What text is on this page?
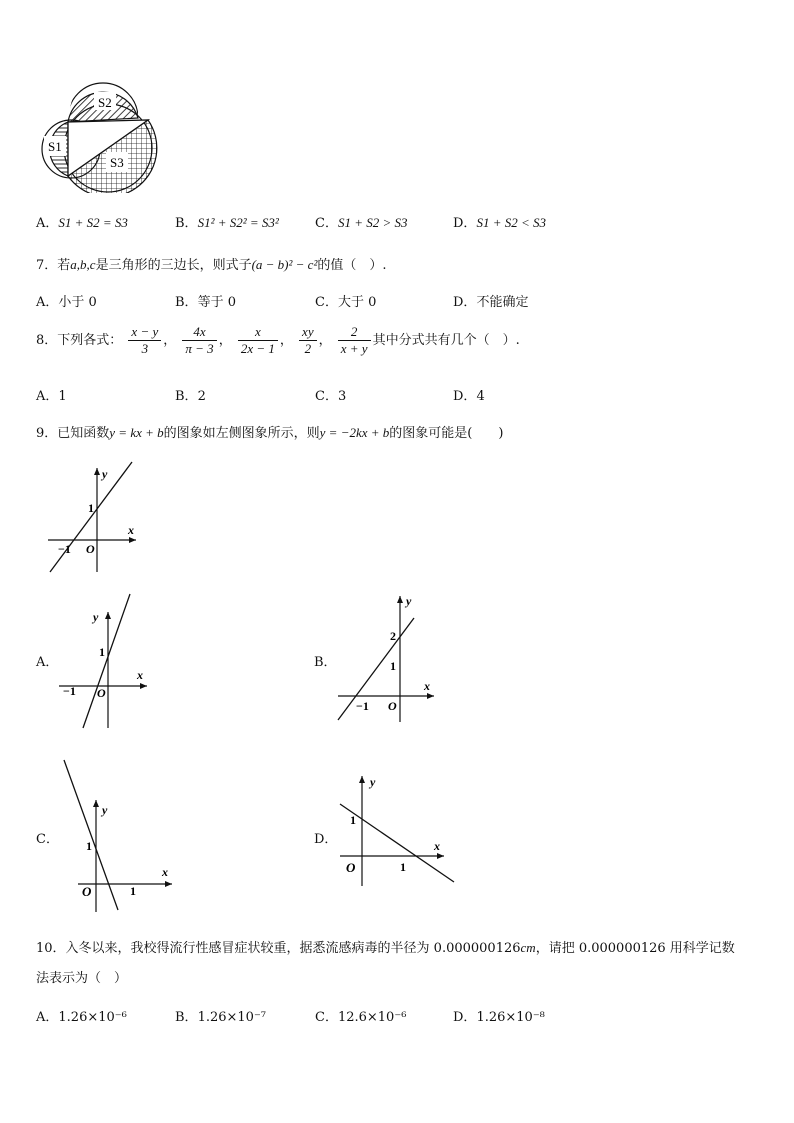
S2
S1
S3
A．S1 + S2 = S3	B．S1² + S2² = S3²	C．S1 + S2 > S3	D．S1 + S2 < S3
7．若a,b,c是三角形的三边长，则式子(a − b)² − c²的值（　）.
A．小于 0	B．等于 0	C．大于 0	D．不能确定
8．下列各式： $\frac{x - y}{3}$ ， $\frac{4x}{\pi - 3}$ ， $\frac{x}{2x - 1}$ ， $\frac{xy}{2}$ ， $\frac{2}{x + y}$ 其中分式共有几个（　）.
A．1	B．2	C．3	D．4
9．已知函数y = kx + b的图象如左侧图象所示，则y = −2kx + b的图象可能是(　　)
y
x
1
−1 O
A．
y
x
1
−1 O
B．
y
x
2
1
−1 O
C．
y
x
1
1
O
D．
y
x
1
1
O
10．入冬以来，我校得流行性感冒症状较重，据悉流感病毒的半径为 0.000000126cm，请把 0.000000126 用科学记数
法表示为（　）
A．1.26×10⁻⁶	B．1.26×10⁻⁷	C．12.6×10⁻⁶	D．1.26×10⁻⁸
